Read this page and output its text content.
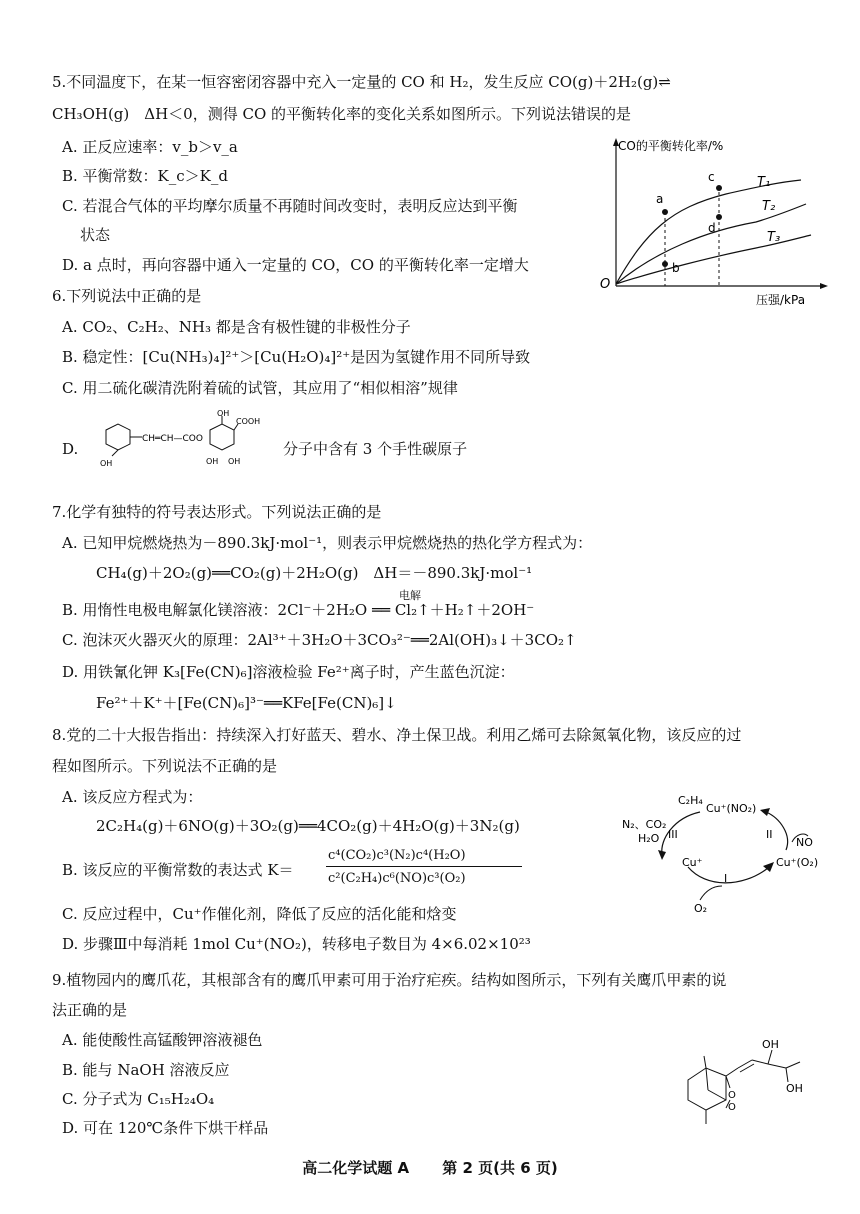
5.不同温度下，在某一恒容密闭容器中充入一定量的 CO 和 H₂，发生反应 CO(g)＋2H₂(g)⇌
CH₃OH(g)　ΔH＜0，测得 CO 的平衡转化率的变化关系如图所示。下列说法错误的是
A. 正反应速率：v_b＞v_a
B. 平衡常数：K_c＞K_d
C. 若混合气体的平均摩尔质量不再随时间改变时，表明反应达到平衡
状态
D. a 点时，再向容器中通入一定量的 CO，CO 的平衡转化率一定增大
CO的平衡转化率/%
压强/kPa
O
a
b
c
d
T₁
T₂
T₃
6.下列说法中正确的是
A. CO₂、C₂H₂、NH₃ 都是含有极性键的非极性分子
B. 稳定性：[Cu(NH₃)₄]²⁺＞[Cu(H₂O)₄]²⁺是因为氢键作用不同所导致
C. 用二硫化碳清洗附着硫的试管，其应用了“相似相溶”规律
D.
CH═CH—COO
OH
COOH
OH	OH OH
分子中含有 3 个手性碳原子
7.化学有独特的符号表达形式。下列说法正确的是
A. 已知甲烷燃烧热为－890.3kJ·mol⁻¹，则表示甲烷燃烧热的热化学方程式为：
CH₄(g)＋2O₂(g)══CO₂(g)＋2H₂O(g)　ΔH＝－890.3kJ·mol⁻¹
电解
B. 用惰性电极电解氯化镁溶液：2Cl⁻＋2H₂O ══ Cl₂↑＋H₂↑＋2OH⁻
C. 泡沫灭火器灭火的原理：2Al³⁺＋3H₂O＋3CO₃²⁻══2Al(OH)₃↓＋3CO₂↑
D. 用铁氰化钾 K₃[Fe(CN)₆]溶液检验 Fe²⁺离子时，产生蓝色沉淀：
Fe²⁺＋K⁺＋[Fe(CN)₆]³⁻══KFe[Fe(CN)₆]↓
8.党的二十大报告指出：持续深入打好蓝天、碧水、净土保卫战。利用乙烯可去除氮氧化物，该反应的过
程如图所示。下列说法不正确的是
A. 该反应方程式为：
2C₂H₄(g)＋6NO(g)＋3O₂(g)══4CO₂(g)＋4H₂O(g)＋3N₂(g)
B. 该反应的平衡常数的表达式 K＝
c⁴(CO₂)c³(N₂)c⁴(H₂O)
c²(C₂H₄)c⁶(NO)c³(O₂)
C. 反应过程中，Cu⁺作催化剂，降低了反应的活化能和焓变
D. 步骤Ⅲ中每消耗 1mol Cu⁺(NO₂)，转移电子数目为 4×6.02×10²³
C₂H₄
Cu⁺(NO₂)
N₂、CO₂
H₂O III	II
NO
Cu⁺	Cu⁺(O₂)
I
O₂
9.植物园内的鹰爪花，其根部含有的鹰爪甲素可用于治疗疟疾。结构如图所示，下列有关鹰爪甲素的说
法正确的是
A. 能使酸性高锰酸钾溶液褪色
B. 能与 NaOH 溶液反应
C. 分子式为 C₁₅H₂₄O₄
D. 可在 120℃条件下烘干样品
OH
OH
O
O
高二化学试题 A 第 2 页(共 6 页)
